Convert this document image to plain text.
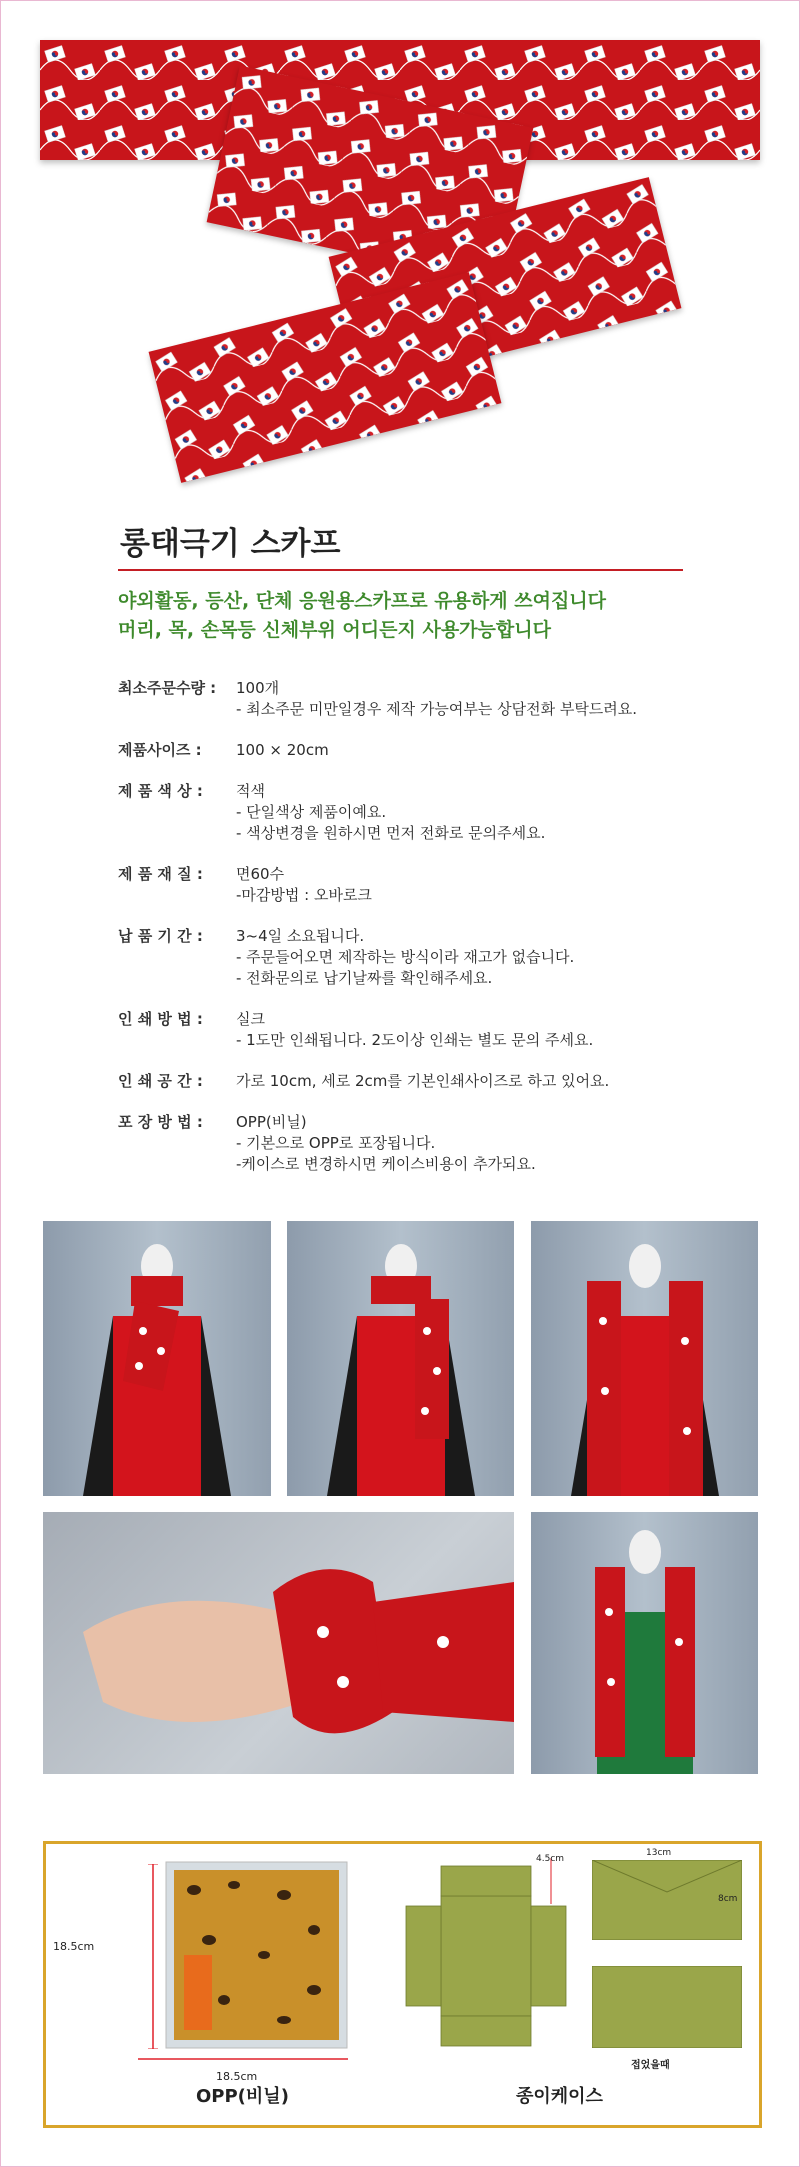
롱태극기 스카프
야외활동, 등산, 단체 응원용스카프로 유용하게 쓰여집니다
머리, 목, 손목등 신체부위 어디든지 사용가능합니다
최소주문수량 :	100개
- 최소주문 미만일경우 제작 가능여부는 상담전화 부탁드려요.
제품사이즈 :	100 × 20cm
제 품 색 상 :	적색
- 단일색상 제품이예요.
- 색상변경을 원하시면 먼저 전화로 문의주세요.
제 품 재 질 :	면60수
-마감방법 : 오바로크
납 품 기 간 :	3~4일 소요됩니다.
- 주문들어오면 제작하는 방식이라 재고가 없습니다.
- 전화문의로 납기날짜를 확인해주세요.
인 쇄 방 법 :	실크
- 1도만 인쇄됩니다. 2도이상 인쇄는 별도 문의 주세요.
인 쇄 공 간 :	가로 10cm, 세로 2cm를 기본인쇄사이즈로 하고 있어요.
포 장 방 법 :	OPP(비닐)
- 기본으로 OPP로 포장됩니다.
-케이스로 변경하시면 케이스비용이 추가되요.
18.5cm
18.5cm
4.5cm
13cm
8cm
접었을때
OPP(비닐)	종이케이스
